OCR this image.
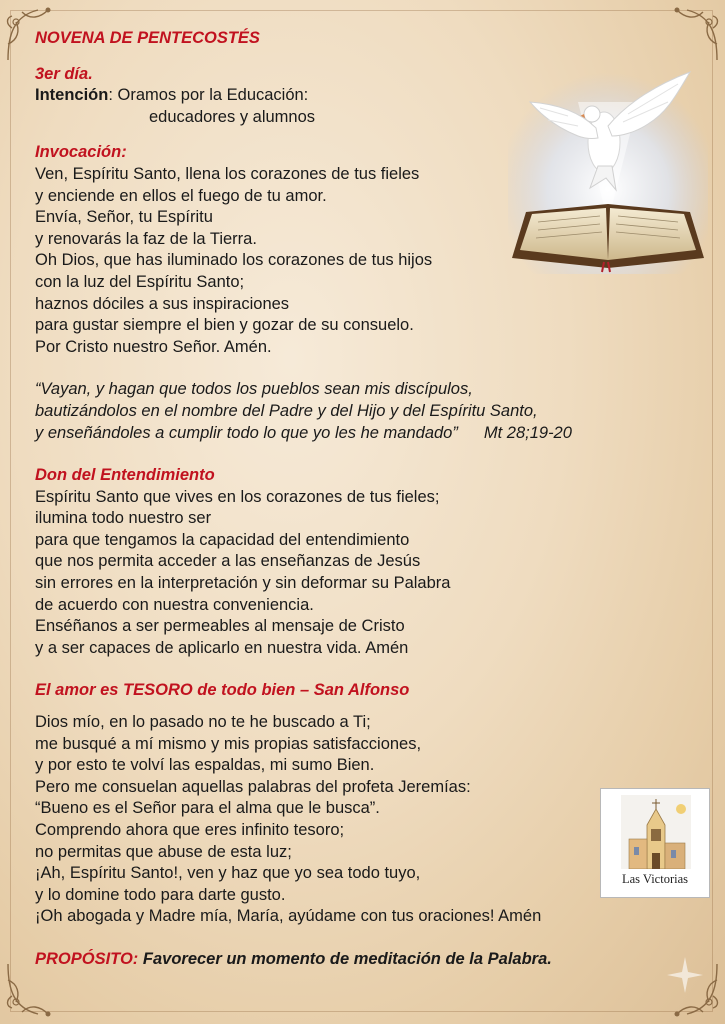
NOVENA DE PENTECOSTÉS
3er día.
Intención: Oramos por la Educación:
educadores y alumnos
Invocación:
Ven, Espíritu Santo, llena los corazones de tus fieles
y enciende en ellos el fuego de tu amor.
Envía, Señor, tu Espíritu
y renovarás la faz de la Tierra.
Oh Dios, que has iluminado los corazones de tus hijos
con la luz del Espíritu Santo;
haznos dóciles a sus inspiraciones
para gustar siempre el bien y gozar de su consuelo.
Por Cristo nuestro Señor. Amén.
“Vayan, y hagan que todos los pueblos sean mis discípulos,
bautizándolos en el nombre del Padre y del Hijo y del Espíritu Santo,
y enseñándoles a cumplir todo lo que yo les he mandado” Mt 28;19-20
Don del Entendimiento
Espíritu Santo que vives en los corazones de tus fieles;
ilumina todo nuestro ser
para que tengamos la capacidad del entendimiento
que nos permita acceder a las enseñanzas de Jesús
sin errores en la interpretación y sin deformar su Palabra
de acuerdo con nuestra conveniencia.
Enséñanos a ser permeables al mensaje de Cristo
y a ser capaces de aplicarlo en nuestra vida. Amén
El amor es TESORO de todo bien – San Alfonso
Dios mío, en lo pasado no te he buscado a Ti;
me busqué a mí mismo y mis propias satisfacciones,
y por esto te volví las espaldas, mi sumo Bien.
Pero me consuelan aquellas palabras del profeta Jeremías:
“Bueno es el Señor para el alma que le busca”.
Comprendo ahora que eres infinito tesoro;
no permitas que abuse de esta luz;
¡Ah, Espíritu Santo!, ven y haz que yo sea todo tuyo,
y lo domine todo para darte gusto.
¡Oh abogada y Madre mía, María, ayúdame con tus oraciones! Amén
PROPÓSITO: Favorecer un momento de meditación de la Palabra.
Las Victorias
